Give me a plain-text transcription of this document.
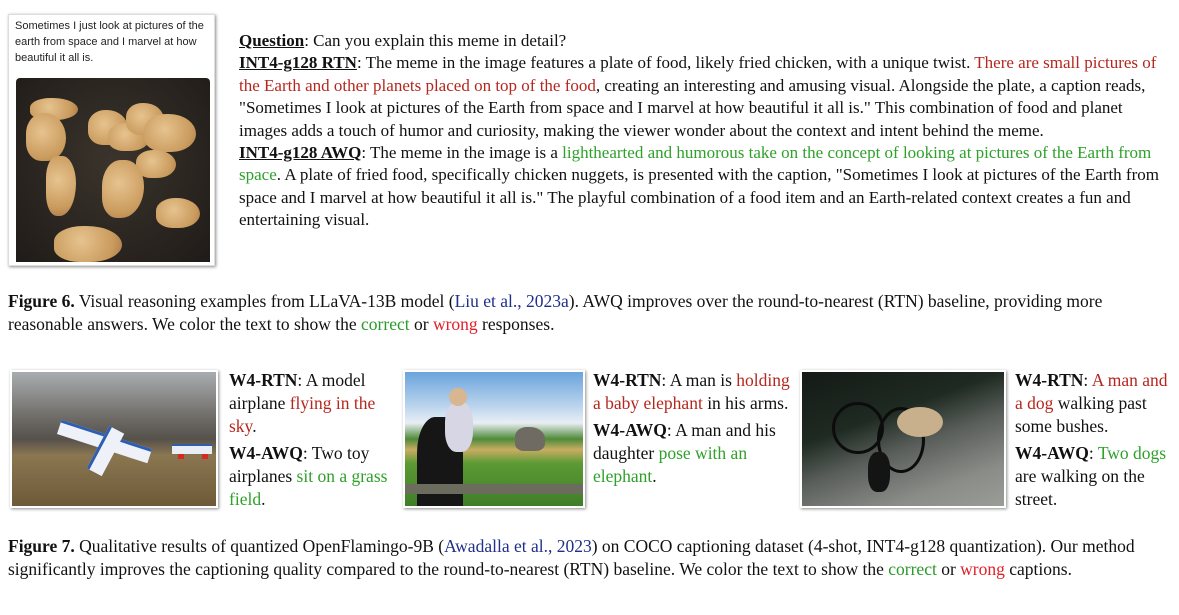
Sometimes I just look at pictures of the earth from space and I marvel at how beautiful it all is.

Question: Can you explain this meme in detail?

INT4-g128 RTN: The meme in the image features a plate of food, likely fried chicken, with a unique twist. There are small pictures of the Earth and other planets placed on top of the food, creating an interesting and amusing visual. Alongside the plate, a caption reads, "Sometimes I look at pictures of the Earth from space and I marvel at how beautiful it all is." This combination of food and planet images adds a touch of humor and curiosity, making the viewer wonder about the context and intent behind the meme.

INT4-g128 AWQ: The meme in the image is a lighthearted and humorous take on the concept of looking at pictures of the Earth from space. A plate of fried food, specifically chicken nuggets, is presented with the caption, "Sometimes I look at pictures of the Earth from space and I marvel at how beautiful it all is." The playful combination of a food item and an Earth-related context creates a fun and entertaining visual.

Figure 6. Visual reasoning examples from LLaVA-13B model (Liu et al., 2023a). AWQ improves over the round-to-nearest (RTN) baseline, providing more reasonable answers. We color the text to show the correct or wrong responses.

W4-RTN: A model airplane flying in the sky.

W4-AWQ: Two toy airplanes sit on a grass field.

W4-RTN: A man is holding a baby elephant in his arms.

W4-AWQ: A man and his daughter pose with an elephant.

W4-RTN: A man and a dog walking past some bushes.

W4-AWQ: Two dogs are walking on the street.

Figure 7. Qualitative results of quantized OpenFlamingo-9B (Awadalla et al., 2023) on COCO captioning dataset (4-shot, INT4-g128 quantization). Our method significantly improves the captioning quality compared to the round-to-nearest (RTN) baseline. We color the text to show the correct or wrong captions.
